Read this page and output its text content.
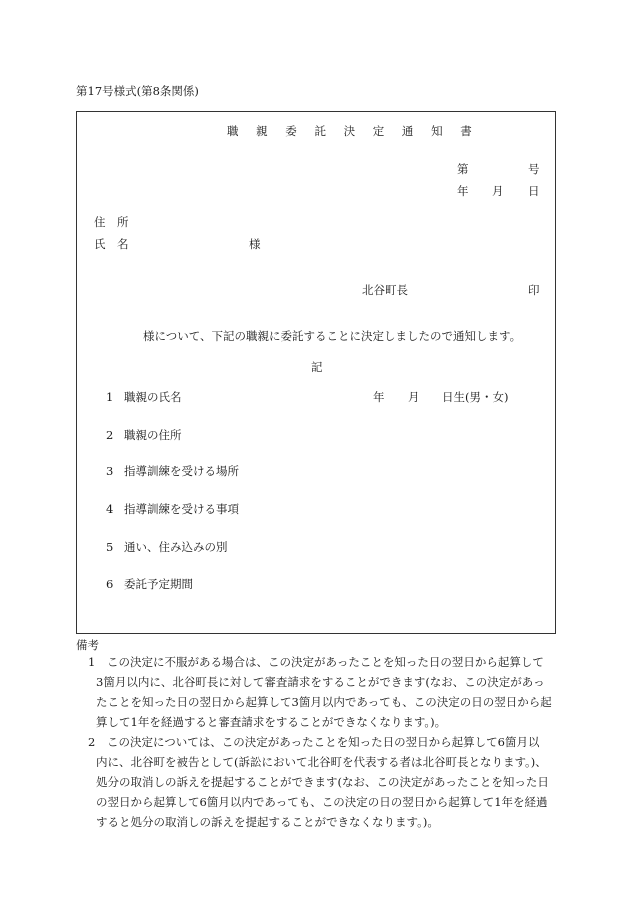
第17号様式(第8条関係)
職 親 委 託 決 定 通 知 書
第	号
年 月 日
住　所
氏　名	様
北谷町長	印
様について、下記の職親に委託することに決定しましたので通知します。
記
1 職親の氏名	年 月 日生(男・女)
2 職親の住所
3 指導訓練を受ける場所
4 指導訓練を受ける事項
5 通い、住み込みの別
6 委託予定期間
備考

1 この決定に不服がある場合は、この決定があったことを知った日の翌日から起算して

3箇月以内に、北谷町長に対して審査請求をすることができます(なお、この決定があっ

たことを知った日の翌日から起算して3箇月以内であっても、この決定の日の翌日から起

算して1年を経過すると審査請求をすることができなくなります。)。

2 この決定については、この決定があったことを知った日の翌日から起算して6箇月以

内に、北谷町を被告として(訴訟において北谷町を代表する者は北谷町長となります。)、

処分の取消しの訴えを提起することができます(なお、この決定があったことを知った日

の翌日から起算して6箇月以内であっても、この決定の日の翌日から起算して1年を経過

すると処分の取消しの訴えを提起することができなくなります。)。
